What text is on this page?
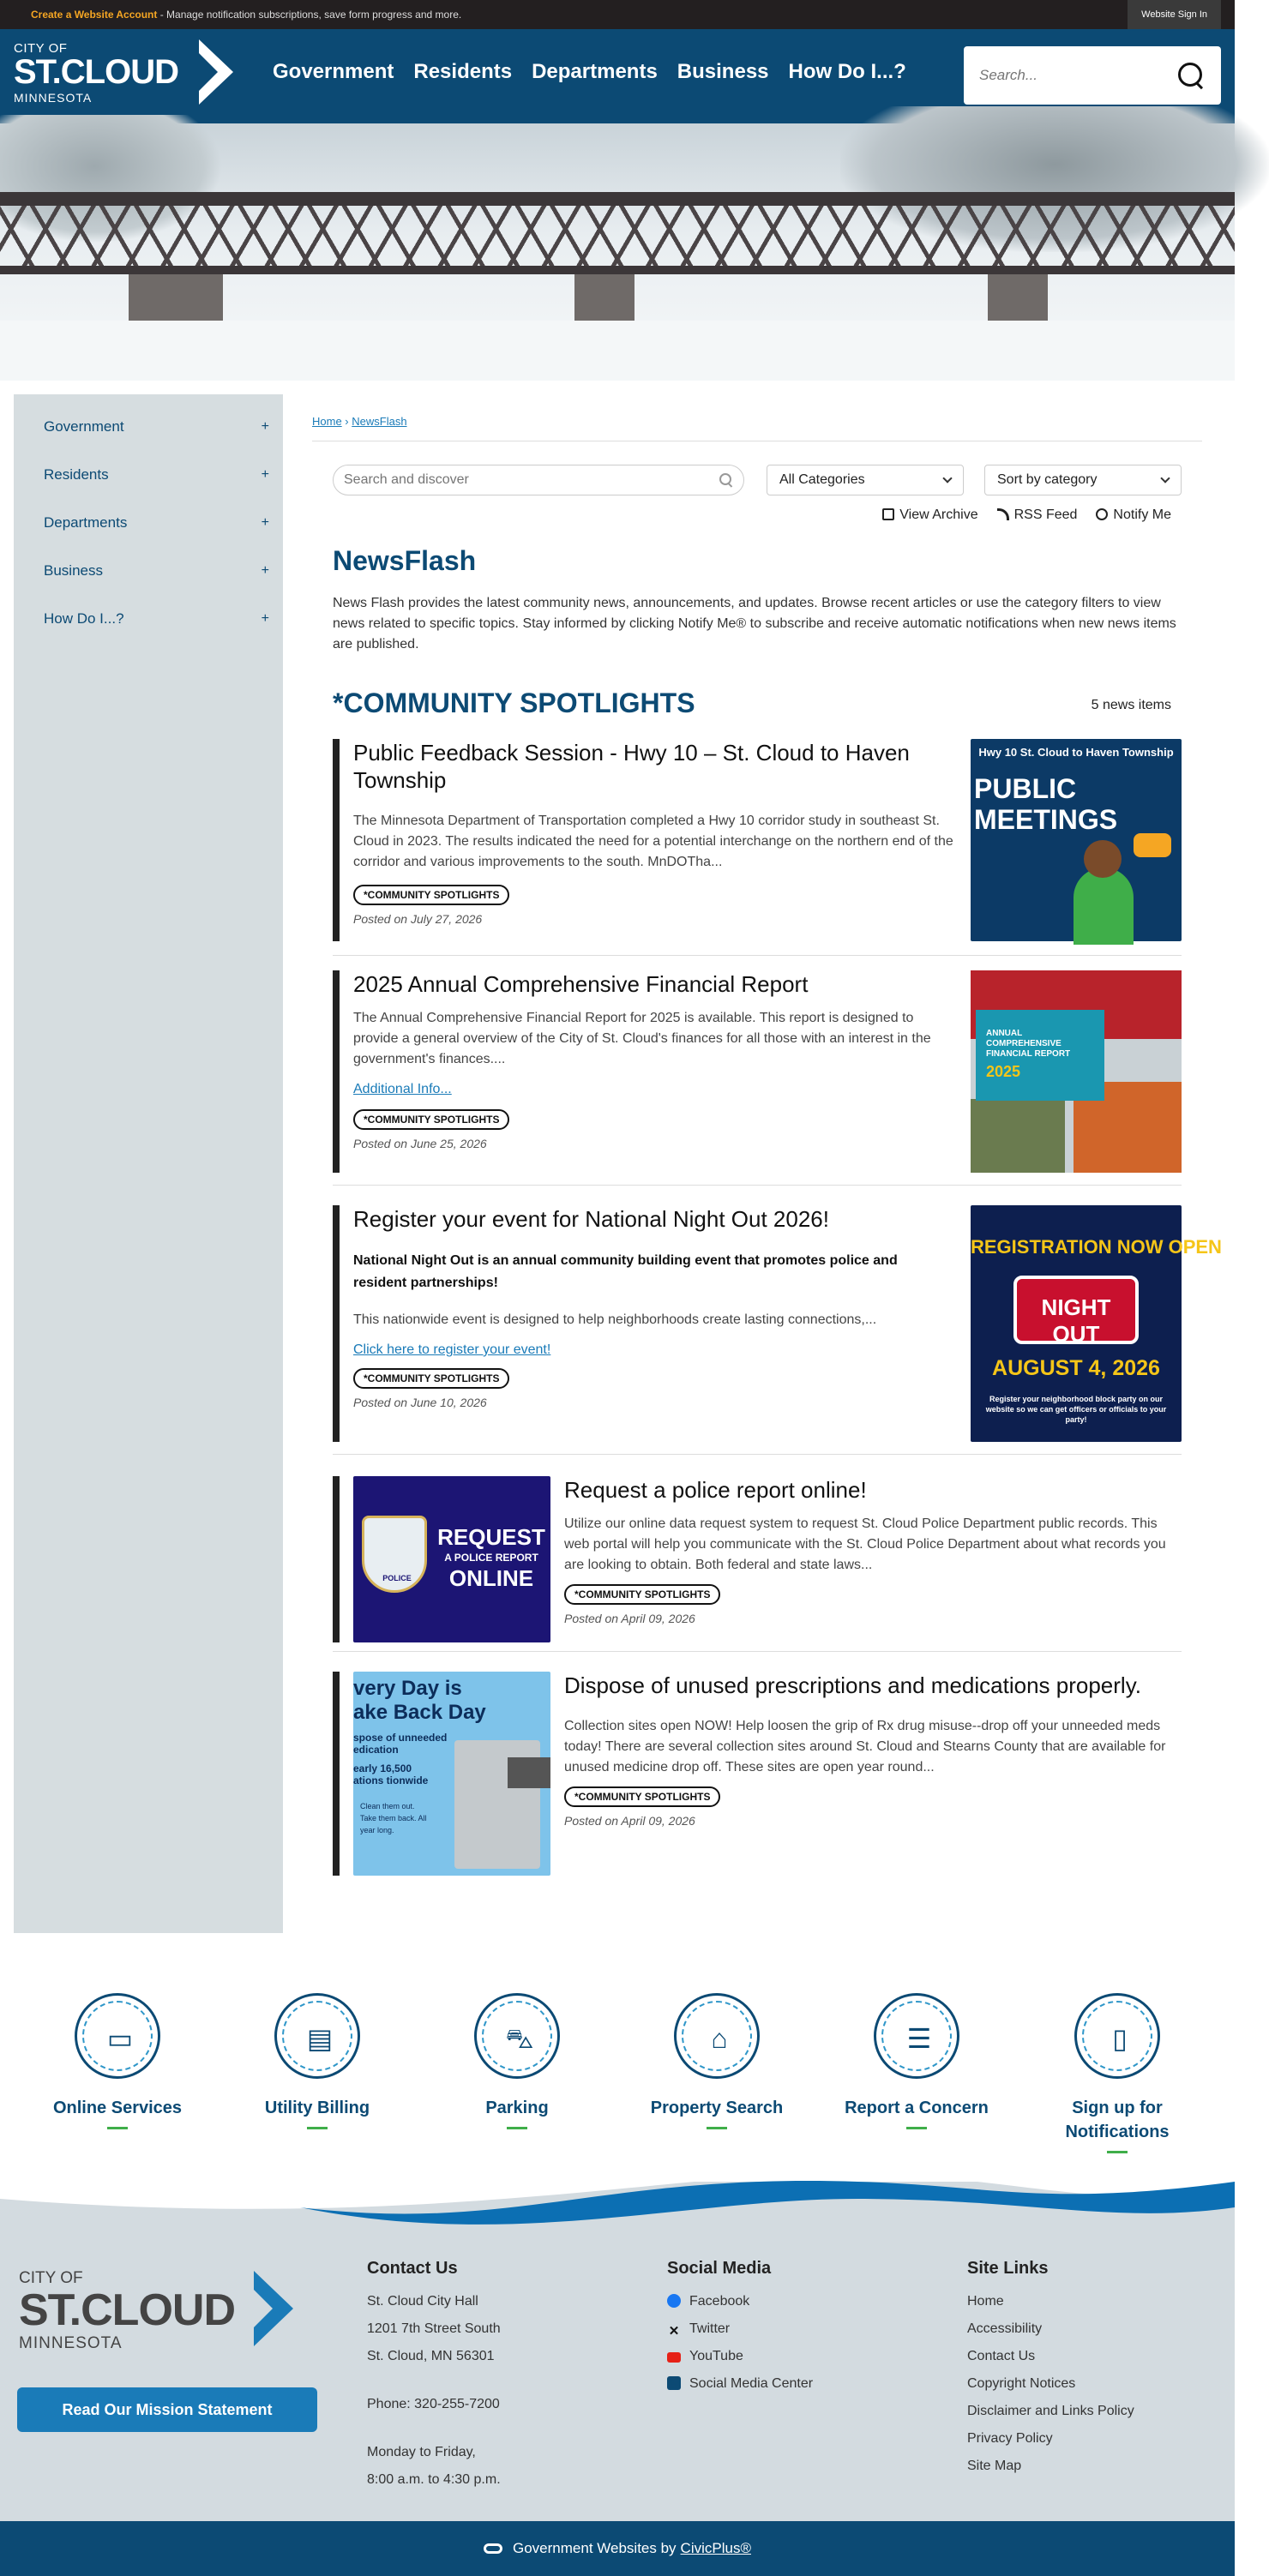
Create a Website Account - Manage notification subscriptions, save form progress and more.	Website Sign In
CITY OF
ST.CLOUD
MINNESOTA
Government Residents Departments Business How Do I...?
Search...
Government	+
Residents	+
Departments	+
Business	+
How Do I...?	+
Home › NewsFlash
Search and discover
All Categories	Sort by category
View Archive	RSS Feed	Notify Me
NewsFlash

News Flash provides the latest community news, announcements, and updates. Browse recent articles or use the category filters to view news related to specific topics. Stay informed by clicking Notify Me® to subscribe and receive automatic notifications when new news items are published.

*COMMUNITY SPOTLIGHTS	5 news items
Public Feedback Session - Hwy 10 – St. Cloud to Haven Township

The Minnesota Department of Transportation completed a Hwy 10 corridor study in southeast St. Cloud in 2023. The results indicated the need for a potential interchange on the northern end of the corridor and various improvements to the south. MnDOTha...

*COMMUNITY SPOTLIGHTS
Posted on July 27, 2026
Hwy 10 St. Cloud to Haven Township
PUBLIC MEETINGS
2025 Annual Comprehensive Financial Report

The Annual Comprehensive Financial Report for 2025 is available. This report is designed to provide a general overview of the City of St. Cloud's finances for all those with an interest in the government's finances....

Additional Info...
*COMMUNITY SPOTLIGHTS
Posted on June 25, 2026
ANNUAL COMPREHENSIVE FINANCIAL REPORT
2025
Register your event for National Night Out 2026!

National Night Out is an annual community building event that promotes police and resident partnerships!

This nationwide event is designed to help neighborhoods create lasting connections,...

Click here to register your event!
*COMMUNITY SPOTLIGHTS
Posted on June 10, 2026
REGISTRATION NOW OPEN
NIGHT OUT
AUGUST 4, 2026
Register your neighborhood block party on our website so we can get officers or officials to your party!
POLICE
REQUEST
A POLICE REPORT
ONLINE
Request a police report online!

Utilize our online data request system to request St. Cloud Police Department public records. This web portal will help you communicate with the St. Cloud Police Department about what records you are looking to obtain. Both federal and state laws...

*COMMUNITY SPOTLIGHTS
Posted on April 09, 2026
very Day is
ake Back Day
spose of unneeded edication
early 16,500 ations tionwide
Clean them out. Take them back. All year long.
Dispose of unused prescriptions and medications properly.

Collection sites open NOW! Help loosen the grip of Rx drug misuse--drop off your unneeded meds today! There are several collection sites around St. Cloud and Stearns County that are available for unused medicine drop off. These sites are open year round...

*COMMUNITY SPOTLIGHTS
Posted on April 09, 2026
▭
Online Services
▤
Utility Billing
⛍
Parking
⌂
Property Search
☰
Report a Concern
▯
Sign up for Notifications
CITY OF
ST.CLOUD
MINNESOTA
Read Our Mission Statement
Contact Us
St. Cloud City Hall
1201 7th Street South
St. Cloud, MN 56301
Phone: 320-255-7200
Monday to Friday,
8:00 a.m. to 4:30 p.m.
Social Media
Facebook
✕ Twitter
YouTube
Social Media Center
Site Links
Home
Accessibility
Contact Us
Copyright Notices
Disclaimer and Links Policy
Privacy Policy
Site Map
Government Websites by CivicPlus®
